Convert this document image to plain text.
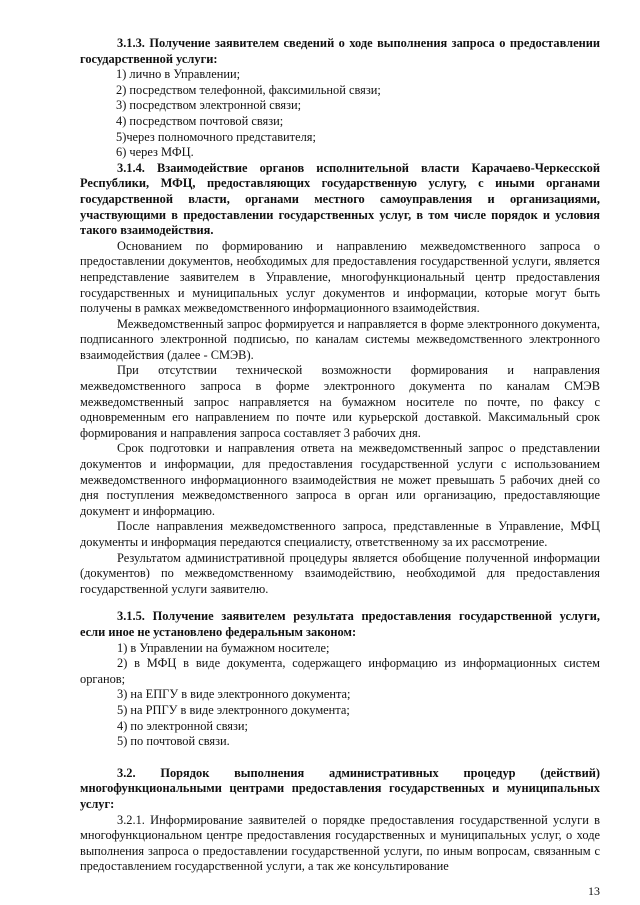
3.1.3. Получение заявителем сведений о ходе выполнения запроса о предоставлении государственной услуги:
1) лично в Управлении;
2) посредством телефонной, факсимильной связи;
3) посредством электронной связи;
4) посредством почтовой связи;
5)через полномочного представителя;
6) через МФЦ.
3.1.4. Взаимодействие органов исполнительной власти Карачаево-Черкесской Республики, МФЦ, предоставляющих государственную услугу, с иными органами государственной власти, органами местного самоуправления и организациями, участвующими в предоставлении государственных услуг, в том числе порядок и условия такого взаимодействия.
Основанием по формированию и направлению межведомственного запроса о предоставлении документов, необходимых для предоставления государственной услуги, является непредставление заявителем в Управление, многофункциональный центр предоставления государственных и муниципальных услуг документов и информации, которые могут быть получены в рамках межведомственного информационного взаимодействия.
Межведомственный запрос формируется и направляется в форме электронного документа, подписанного электронной подписью, по каналам системы межведомственного электронного взаимодействия (далее - СМЭВ).
При отсутствии технической возможности формирования и направления межведомственного запроса в форме электронного документа по каналам СМЭВ межведомственный запрос направляется на бумажном носителе по почте, по факсу с одновременным его направлением по почте или курьерской доставкой. Максимальный срок формирования и направления запроса составляет 3 рабочих дня.
Срок подготовки и направления ответа на межведомственный запрос о представлении документов и информации, для предоставления государственной услуги с использованием межведомственного информационного взаимодействия не может превышать 5 рабочих дней со дня поступления межведомственного запроса в орган или организацию, предоставляющие документ и информацию.
После направления межведомственного запроса, представленные в Управление, МФЦ документы и информация передаются специалисту, ответственному за их рассмотрение.
Результатом административной процедуры является обобщение полученной информации (документов) по межведомственному взаимодействию, необходимой для предоставления государственной услуги заявителю.
3.1.5. Получение заявителем результата предоставления государственной услуги, если иное не установлено федеральным законом:
1) в Управлении на бумажном носителе;
2) в МФЦ в виде документа, содержащего информацию из информационных систем органов;
3) на ЕПГУ в виде электронного документа;
5) на РПГУ в виде электронного документа;
4) по электронной связи;
5) по почтовой связи.
3.2. Порядок выполнения административных процедур (действий) многофункциональными центрами предоставления государственных и муниципальных услуг:
3.2.1. Информирование заявителей о порядке предоставления государственной услуги в многофункциональном центре предоставления государственных и муниципальных услуг, о ходе выполнения запроса о предоставлении государственной услуги, по иным вопросам, связанным с предоставлением государственной услуги, а так же консультирование
13
